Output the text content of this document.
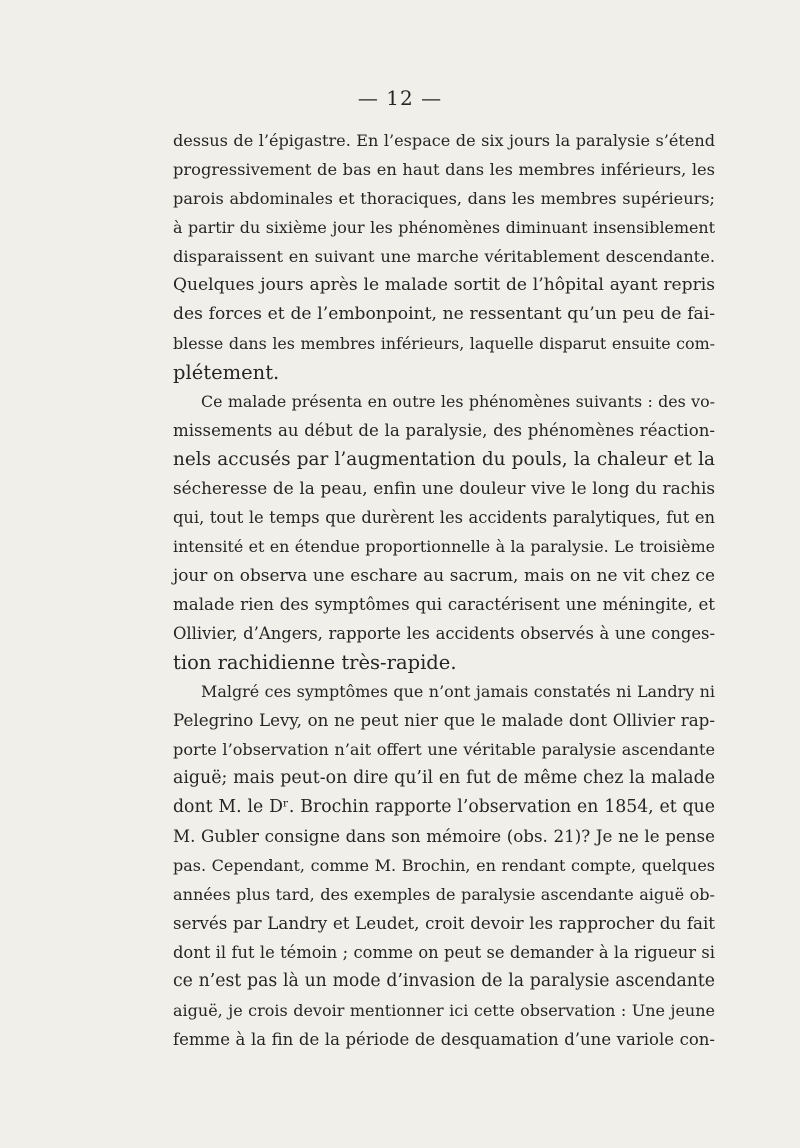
— 12 —
dessus de l’épigastre. En l’espace de six jours la paralysie s’étend
progressivement de bas en haut dans les membres inférieurs, les
parois abdominales et thoraciques, dans les membres supérieurs;
à partir du sixième jour les phénomènes diminuant insensiblement
disparaissent en suivant une marche véritablement descendante.
Quelques jours après le malade sortit de l’hôpital ayant repris
des forces et de l’embonpoint, ne ressentant qu’un peu de fai-
blesse dans les membres inférieurs, laquelle disparut ensuite com-
plétement.
Ce malade présenta en outre les phénomènes suivants : des vo-
missements au début de la paralysie, des phénomènes réaction-
nels accusés par l’augmentation du pouls, la chaleur et la
sécheresse de la peau, enfin une douleur vive le long du rachis
qui, tout le temps que durèrent les accidents paralytiques, fut en
intensité et en étendue proportionnelle à la paralysie. Le troisième
jour on observa une eschare au sacrum, mais on ne vit chez ce
malade rien des symptômes qui caractérisent une méningite, et
Ollivier, d’Angers, rapporte les accidents observés à une conges-
tion rachidienne très-rapide.
Malgré ces symptômes que n’ont jamais constatés ni Landry ni
Pelegrino Levy, on ne peut nier que le malade dont Ollivier rap-
porte l’observation n’ait offert une véritable paralysie ascendante
aiguë; mais peut-on dire qu’il en fut de même chez la malade
dont M. le Dʳ. Brochin rapporte l’observation en 1854, et que
M. Gubler consigne dans son mémoire (obs. 21)? Je ne le pense
pas. Cependant, comme M. Brochin, en rendant compte, quelques
années plus tard, des exemples de paralysie ascendante aiguë ob-
servés par Landry et Leudet, croit devoir les rapprocher du fait
dont il fut le témoin ; comme on peut se demander à la rigueur si
ce n’est pas là un mode d’invasion de la paralysie ascendante
aiguë, je crois devoir mentionner ici cette observation : Une jeune
femme à la fin de la période de desquamation d’une variole con-
